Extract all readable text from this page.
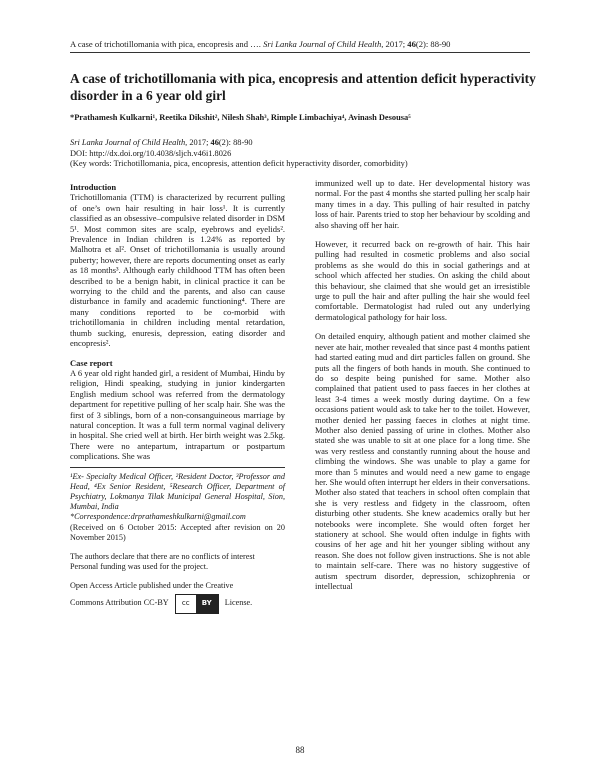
A case of trichotillomania with pica, encopresis and …. Sri Lanka Journal of Child Health, 2017; 46(2): 88-90
A case of trichotillomania with pica, encopresis and attention deficit hyperactivity disorder in a 6 year old girl
*Prathamesh Kulkarni¹, Reetika Dikshit², Nilesh Shah³, Rimple Limbachiya⁴, Avinash Desousa⁵
Sri Lanka Journal of Child Health, 2017; 46(2): 88-90
DOI: http://dx.doi.org/10.4038/sljch.v46i1.8026
(Key words: Trichotillomania, pica, encopresis, attention deficit hyperactivity disorder, comorbidity)

Introduction

Trichotillomania (TTM) is characterized by recurrent pulling of one’s own hair resulting in hair loss¹. It is currently classified as an obsessive–compulsive related disorder in DSM 5¹. Most common sites are scalp, eyebrows and eyelids². Prevalence in Indian children is 1.24% as reported by Malhotra et al². Onset of trichotillomania is usually around puberty; however, there are reports documenting onset as early as 18 months³. Although early childhood TTM has often been described to be a benign habit, in clinical practice it can be worrying to the child and the parents, and also can cause disturbance in family and academic functioning⁴. There are many conditions reported to be co-morbid with trichotillomania in children including mental retardation, thumb sucking, enuresis, depression, eating disorder and encopresis².

Case report

A 6 year old right handed girl, a resident of Mumbai, Hindu by religion, Hindi speaking, studying in junior kindergarten English medium school was referred from the dermatology department for repetitive pulling of her scalp hair. She was the first of 3 siblings, born of a non-consanguineous marriage by natural conception. It was a full term normal vaginal delivery in hospital. She cried well at birth. Her birth weight was 2.5kg. There were no antepartum, intrapartum or postpartum complications. She was

¹Ex- Specialty Medical Officer, ²Resident Doctor, ³Professor and Head, ⁴Ex Senior Resident, ⁵Research Officer, Department of Psychiatry, Lokmanya Tilak Municipal General Hospital, Sion, Mumbai, India

*Correspondence:drprathameshkulkarni@gmail.com

(Received on 6 October 2015: Accepted after revision on 20 November 2015)

The authors declare that there are no conflicts of interest

Personal funding was used for the project.

Open Access Article published under the Creative

Commons Attribution CC-BY	cc	BY	License.

immunized well up to date. Her developmental history was normal. For the past 4 months she started pulling her scalp hair many times in a day. This pulling of hair resulted in patchy loss of hair. Parents tried to stop her behaviour by scolding and also shaving off her hair.

However, it recurred back on re-growth of hair. This hair pulling had resulted in cosmetic problems and also social problems as she would do this in social gatherings and at school which affected her studies. On asking the child about this behaviour, she claimed that she would get an irresistible urge to pull the hair and after pulling the hair she would feel comfortable. Dermatologist had ruled out any underlying dermatological pathology for hair loss.

On detailed enquiry, although patient and mother claimed she never ate hair, mother revealed that since past 4 months patient had started eating mud and dirt particles fallen on ground. She puts all the fingers of both hands in mouth. She continued to do so despite being punished for same. Mother also complained that patient used to pass faeces in her clothes at least 3-4 times a week mostly during daytime. On a few occasions patient would ask to take her to the toilet. However, mother denied her passing faeces in clothes at night time. Mother also denied passing of urine in clothes. Mother also stated she was unable to sit at one place for a long time. She was very restless and constantly running about the house and climbing the windows. She was unable to play a game for more than 5 minutes and would need a new game to engage her. She would often interrupt her elders in their conversations. Mother also stated that teachers in school often complain that she is very restless and fidgety in the classroom, often disturbing other students. She knew academics orally but her notebooks were incomplete. She would often forget her stationery at school. She would often indulge in fights with cousins of her age and hit her younger sibling without any reason. She does not follow given instructions. She is not able to maintain self-care. There was no history suggestive of autism spectrum disorder, depression, schizophrenia or intellectual

88
